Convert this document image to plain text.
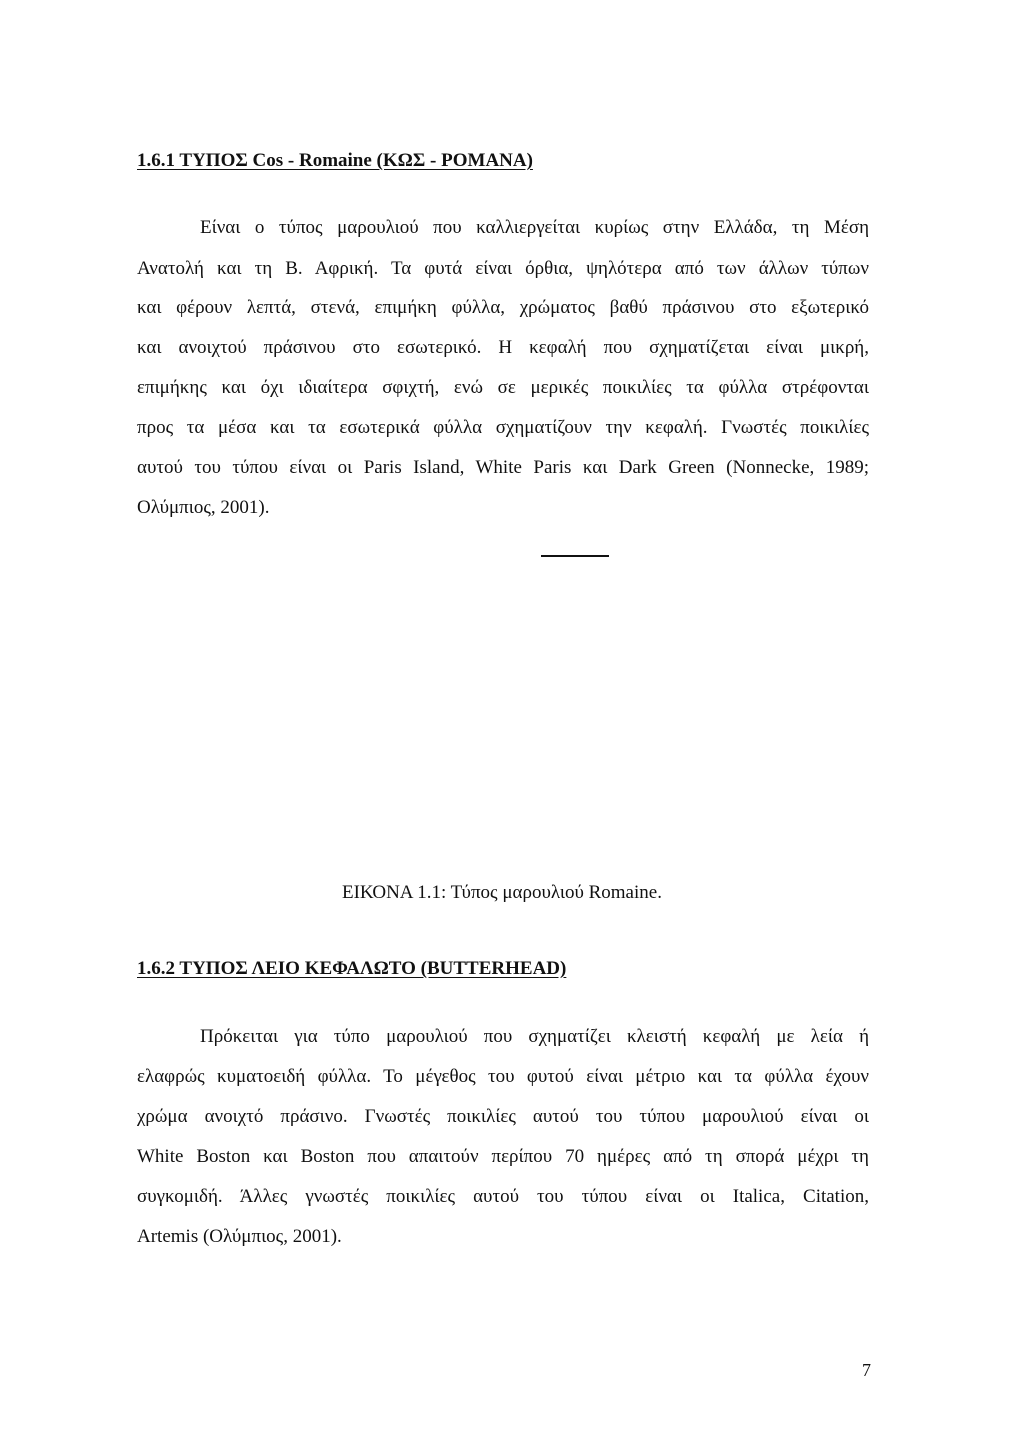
1.6.1 ΤΥΠΟΣ Cos - Romaine (ΚΩΣ - ΡΟΜΑΝΑ)
Είναι ο τύπος μαρουλιού που καλλιεργείται κυρίως στην Ελλάδα, τη Μέση
Ανατολή και τη Β. Αφρική. Τα φυτά είναι όρθια, ψηλότερα από των άλλων τύπων
και φέρουν λεπτά, στενά, επιμήκη φύλλα, χρώματος βαθύ πράσινου στο εξωτερικό
και ανοιχτού πράσινου στο εσωτερικό. Η κεφαλή που σχηματίζεται είναι μικρή,
επιμήκης και όχι ιδιαίτερα σφιχτή, ενώ σε μερικές ποικιλίες τα φύλλα στρέφονται
προς τα μέσα και τα εσωτερικά φύλλα σχηματίζουν την κεφαλή. Γνωστές ποικιλίες
αυτού του τύπου είναι οι Paris Island, White Paris και Dark Green (Nonnecke, 1989;
Ολύμπιος, 2001).
ΕΙΚΟΝΑ 1.1: Τύπος μαρουλιού Romaine.
1.6.2 ΤΥΠΟΣ ΛΕΙΟ ΚΕΦΑΛΩΤΟ (BUTTERHEAD)
Πρόκειται για τύπο μαρουλιού που σχηματίζει κλειστή κεφαλή με λεία ή
ελαφρώς κυματοειδή φύλλα. Το μέγεθος του φυτού είναι μέτριο και τα φύλλα έχουν
χρώμα ανοιχτό πράσινο. Γνωστές ποικιλίες αυτού του τύπου μαρουλιού είναι οι
White Boston και Boston που απαιτούν περίπου 70 ημέρες από τη σπορά μέχρι τη
συγκομιδή. Άλλες γνωστές ποικιλίες αυτού του τύπου είναι οι Italica, Citation,
Artemis (Ολύμπιος, 2001).
7
